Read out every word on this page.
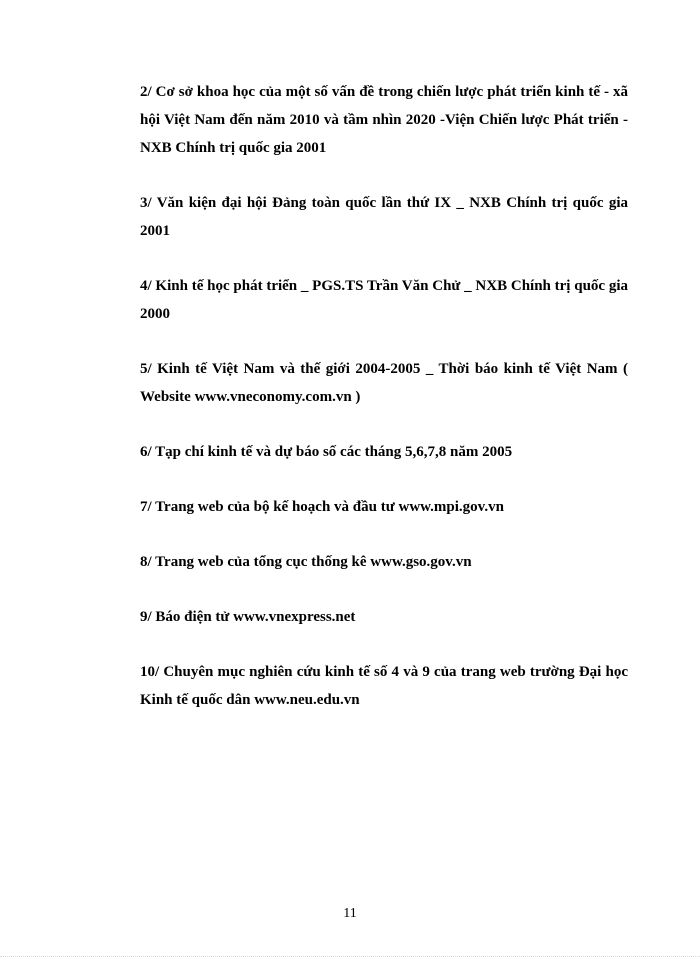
2/ Cơ sở khoa học của một số vấn đề trong chiến lược phát triển kinh tế - xã hội Việt Nam đến năm 2010 và tầm nhìn 2020 -Viện Chiến lược Phát triển - NXB Chính trị quốc gia 2001

3/ Văn kiện đại hội Đảng toàn quốc lần thứ IX _ NXB Chính trị quốc gia 2001

4/ Kinh tế học phát triển _ PGS.TS Trần Văn Chử _ NXB Chính trị quốc gia 2000

5/ Kinh tế Việt Nam và thế giới 2004-2005 _ Thời báo kinh tế Việt Nam ( Website www.vneconomy.com.vn )

6/ Tạp chí kinh tế và dự báo số các tháng 5,6,7,8 năm 2005

7/ Trang web của bộ kế hoạch và đầu tư www.mpi.gov.vn

8/ Trang web của tổng cục thống kê www.gso.gov.vn

9/ Báo điện tử www.vnexpress.net

10/ Chuyên mục nghiên cứu kinh tế số 4 và 9 của trang web trường Đại học Kinh tế quốc dân www.neu.edu.vn

11
